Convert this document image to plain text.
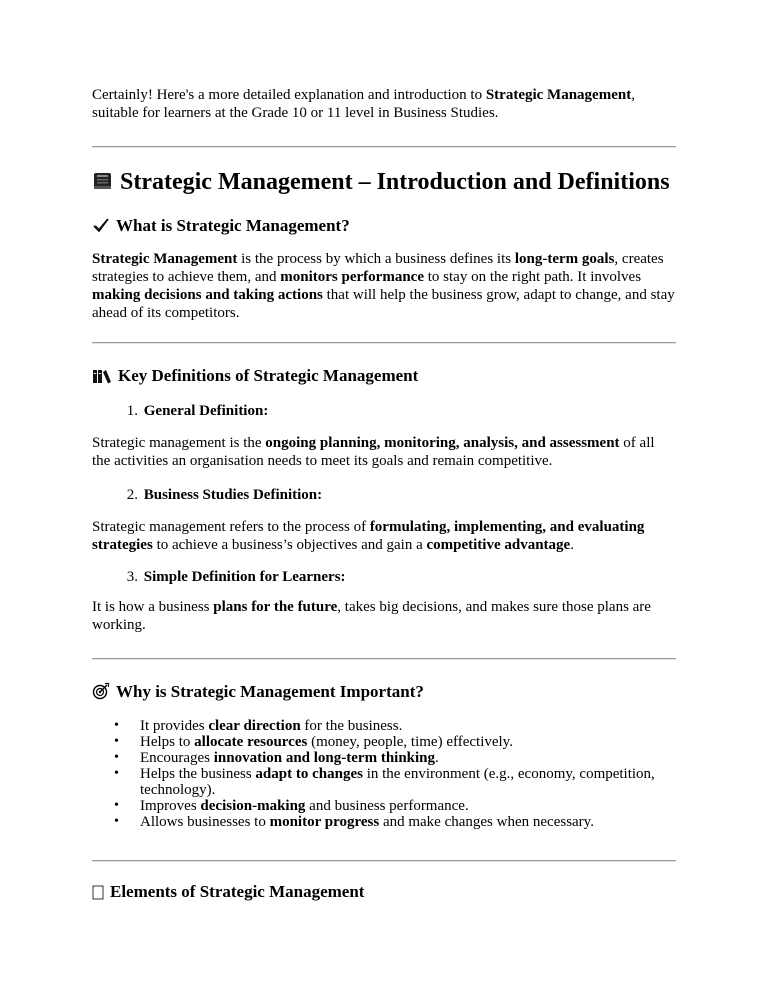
Certainly! Here's a more detailed explanation and introduction to Strategic Management,
suitable for learners at the Grade 10 or 11 level in Business Studies.

Strategic Management – Introduction and Definitions
What is Strategic Management?

Strategic Management is the process by which a business defines its long-term goals, creates strategies to achieve them, and monitors performance to stay on the right path. It involves making decisions and taking actions that will help the business grow, adapt to change, and stay ahead of its competitors.

Key Definitions of Strategic Management

1. General Definition:

Strategic management is the ongoing planning, monitoring, analysis, and assessment of all the activities an organisation needs to meet its goals and remain competitive.

2. Business Studies Definition:

Strategic management refers to the process of formulating, implementing, and evaluating strategies to achieve a business’s objectives and gain a competitive advantage.

3. Simple Definition for Learners:

It is how a business plans for the future, takes big decisions, and makes sure those plans are working.

Why is Strategic Management Important?
• It provides clear direction for the business.
• Helps to allocate resources (money, people, time) effectively.
• Encourages innovation and long-term thinking.
• Helps the business adapt to changes in the environment (e.g., economy, competition, technology).
• Improves decision-making and business performance.
• Allows businesses to monitor progress and make changes when necessary.
Elements of Strategic Management
